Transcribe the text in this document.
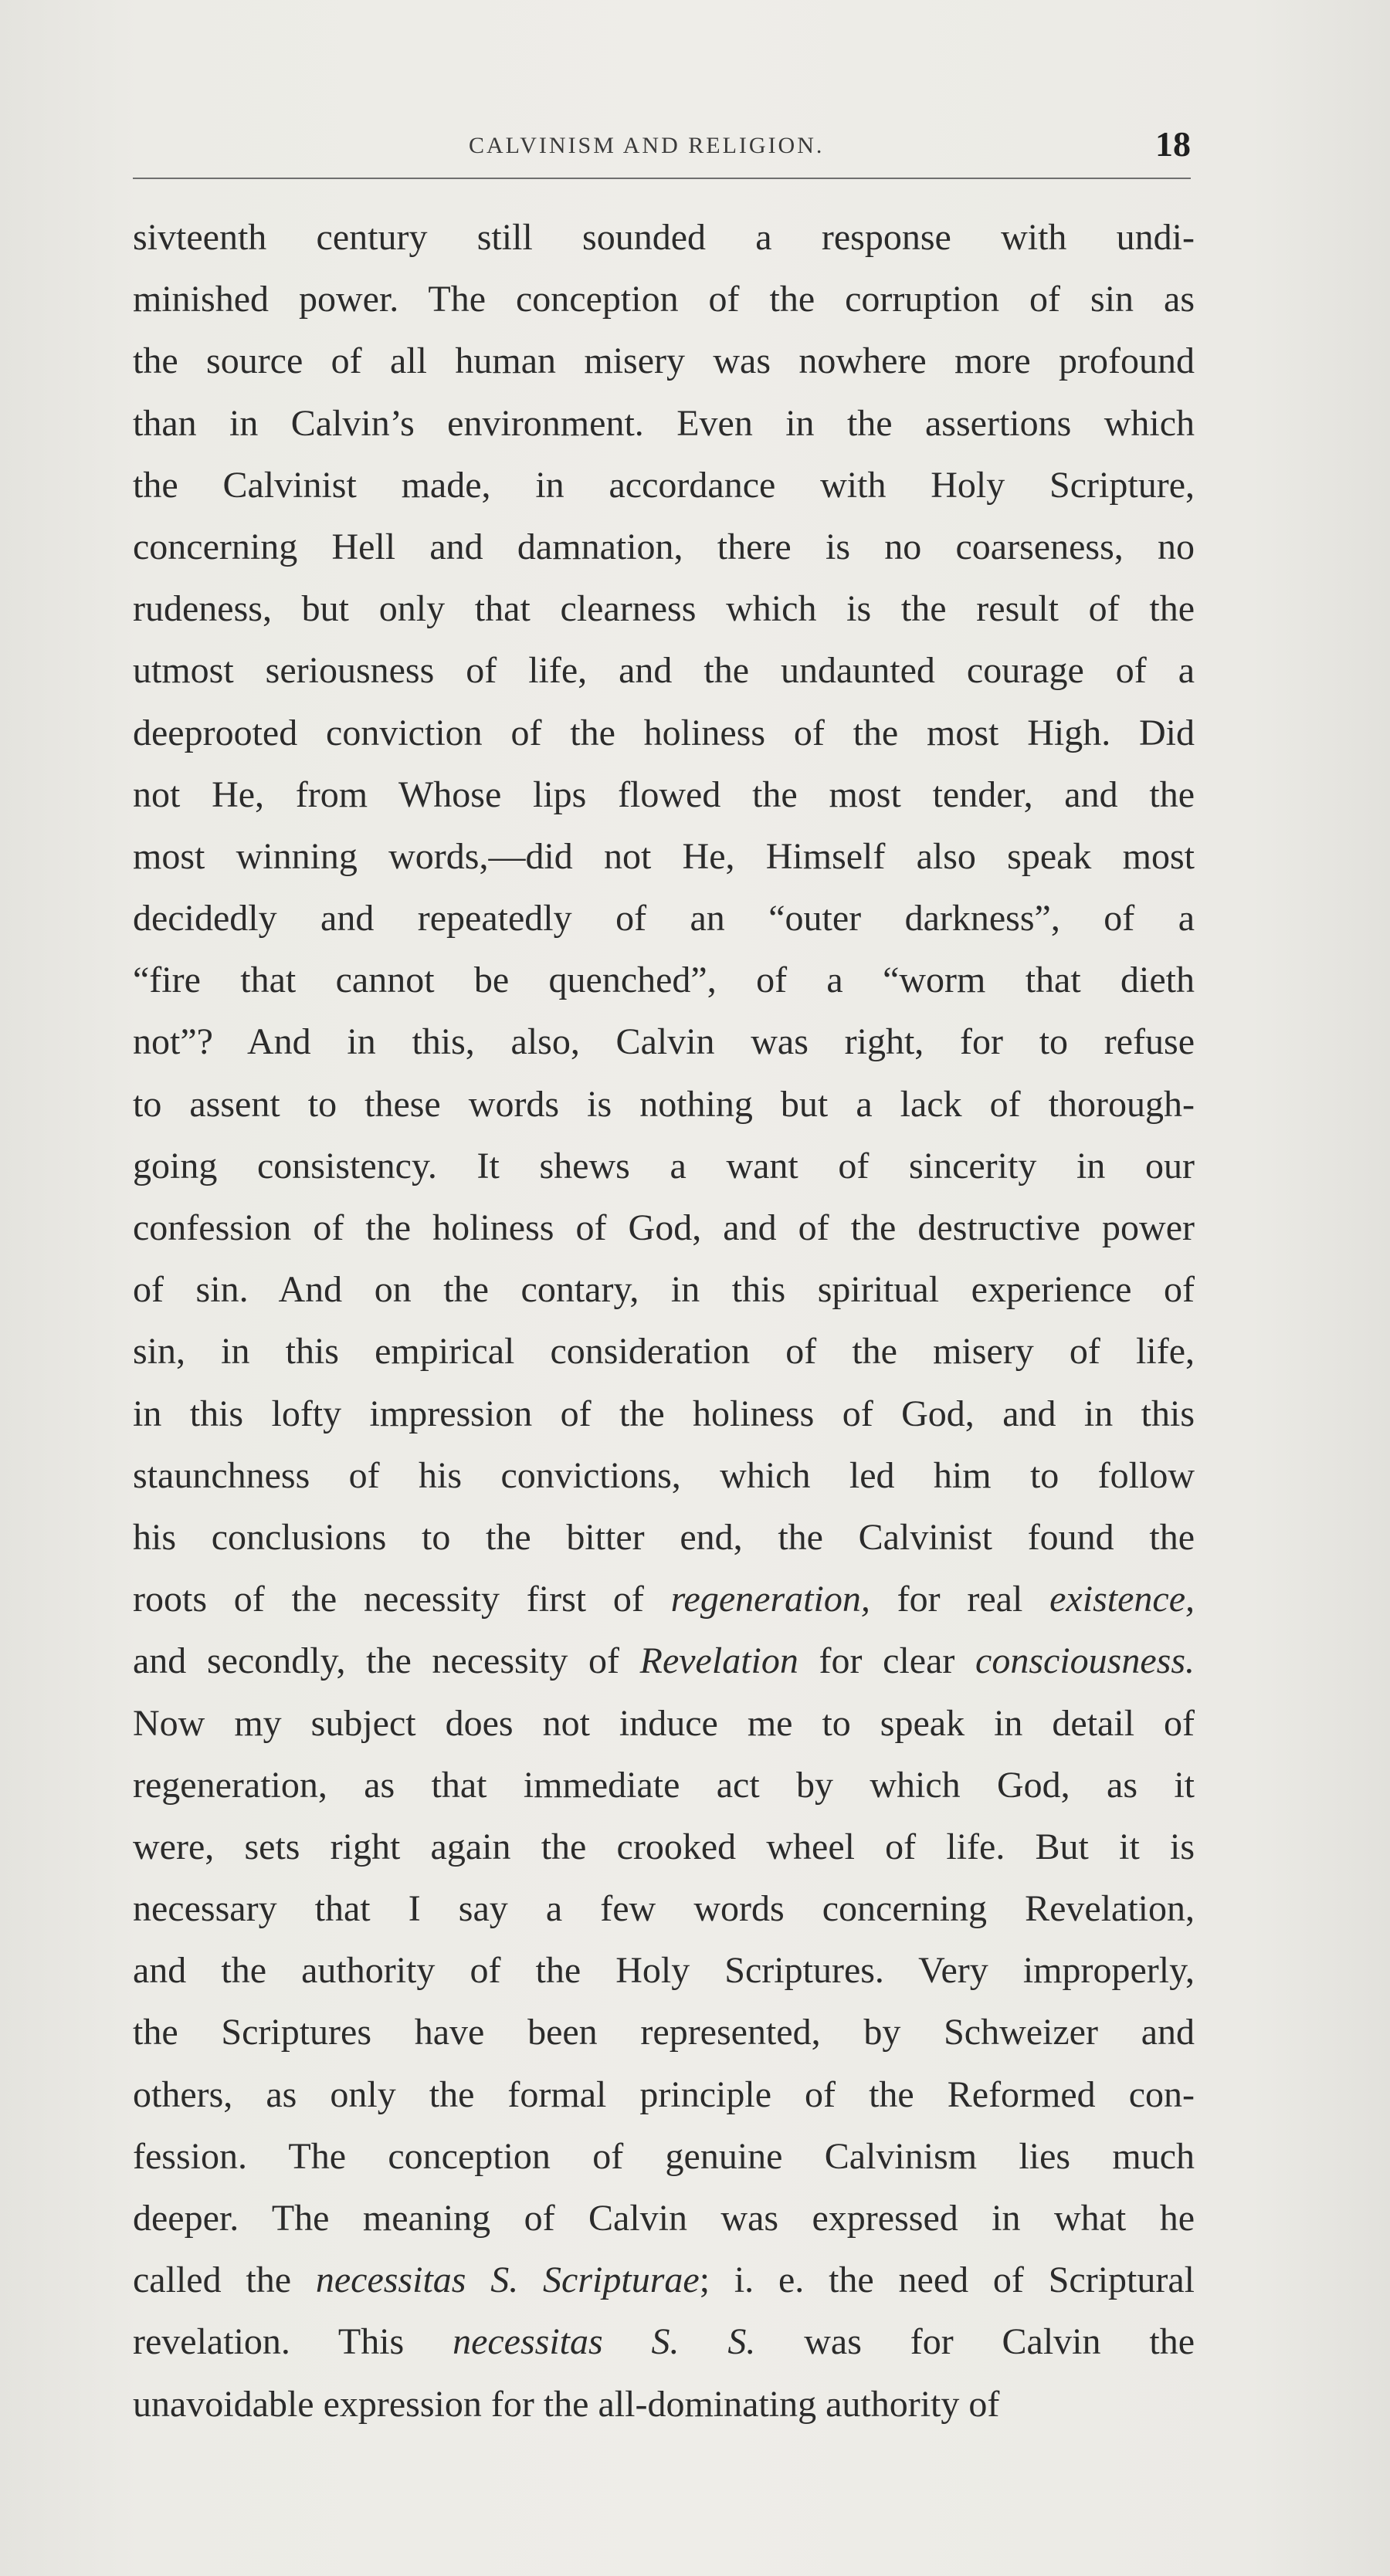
CALVINISM AND RELIGION.	18
sivteenth century still sounded a response with undi-
minished power. The conception of the corruption of sin as
the source of all human misery was nowhere more profound
than in Calvin’s environment. Even in the assertions which
the Calvinist made, in accordance with Holy Scripture,
concerning Hell and damnation, there is no coarseness, no
rudeness, but only that clearness which is the result of the
utmost seriousness of life, and the undaunted courage of a
deeprooted conviction of the holiness of the most High. Did
not He, from Whose lips flowed the most tender, and the
most winning words,—did not He, Himself also speak most
decidedly and repeatedly of an “outer darkness”, of a
“fire that cannot be quenched”, of a “worm that dieth
not”? And in this, also, Calvin was right, for to refuse
to assent to these words is nothing but a lack of thorough-
going consistency. It shews a want of sincerity in our
confession of the holiness of God, and of the destructive power
of sin. And on the contary, in this spiritual experience of
sin, in this empirical consideration of the misery of life,
in this lofty impression of the holiness of God, and in this
staunchness of his convictions, which led him to follow
his conclusions to the bitter end, the Calvinist found the
roots of the necessity first of regeneration, for real existence,
and secondly, the necessity of Revelation for clear consciousness.
Now my subject does not induce me to speak in detail of
regeneration, as that immediate act by which God, as it
were, sets right again the crooked wheel of life. But it is
necessary that I say a few words concerning Revelation,
and the authority of the Holy Scriptures. Very improperly,
the Scriptures have been represented, by Schweizer and
others, as only the formal principle of the Reformed con-
fession. The conception of genuine Calvinism lies much
deeper. The meaning of Calvin was expressed in what he
called the necessitas S. Scripturae; i. e. the need of Scriptural
revelation. This necessitas S. S. was for Calvin the
unavoidable expression for the all-dominating authority of
